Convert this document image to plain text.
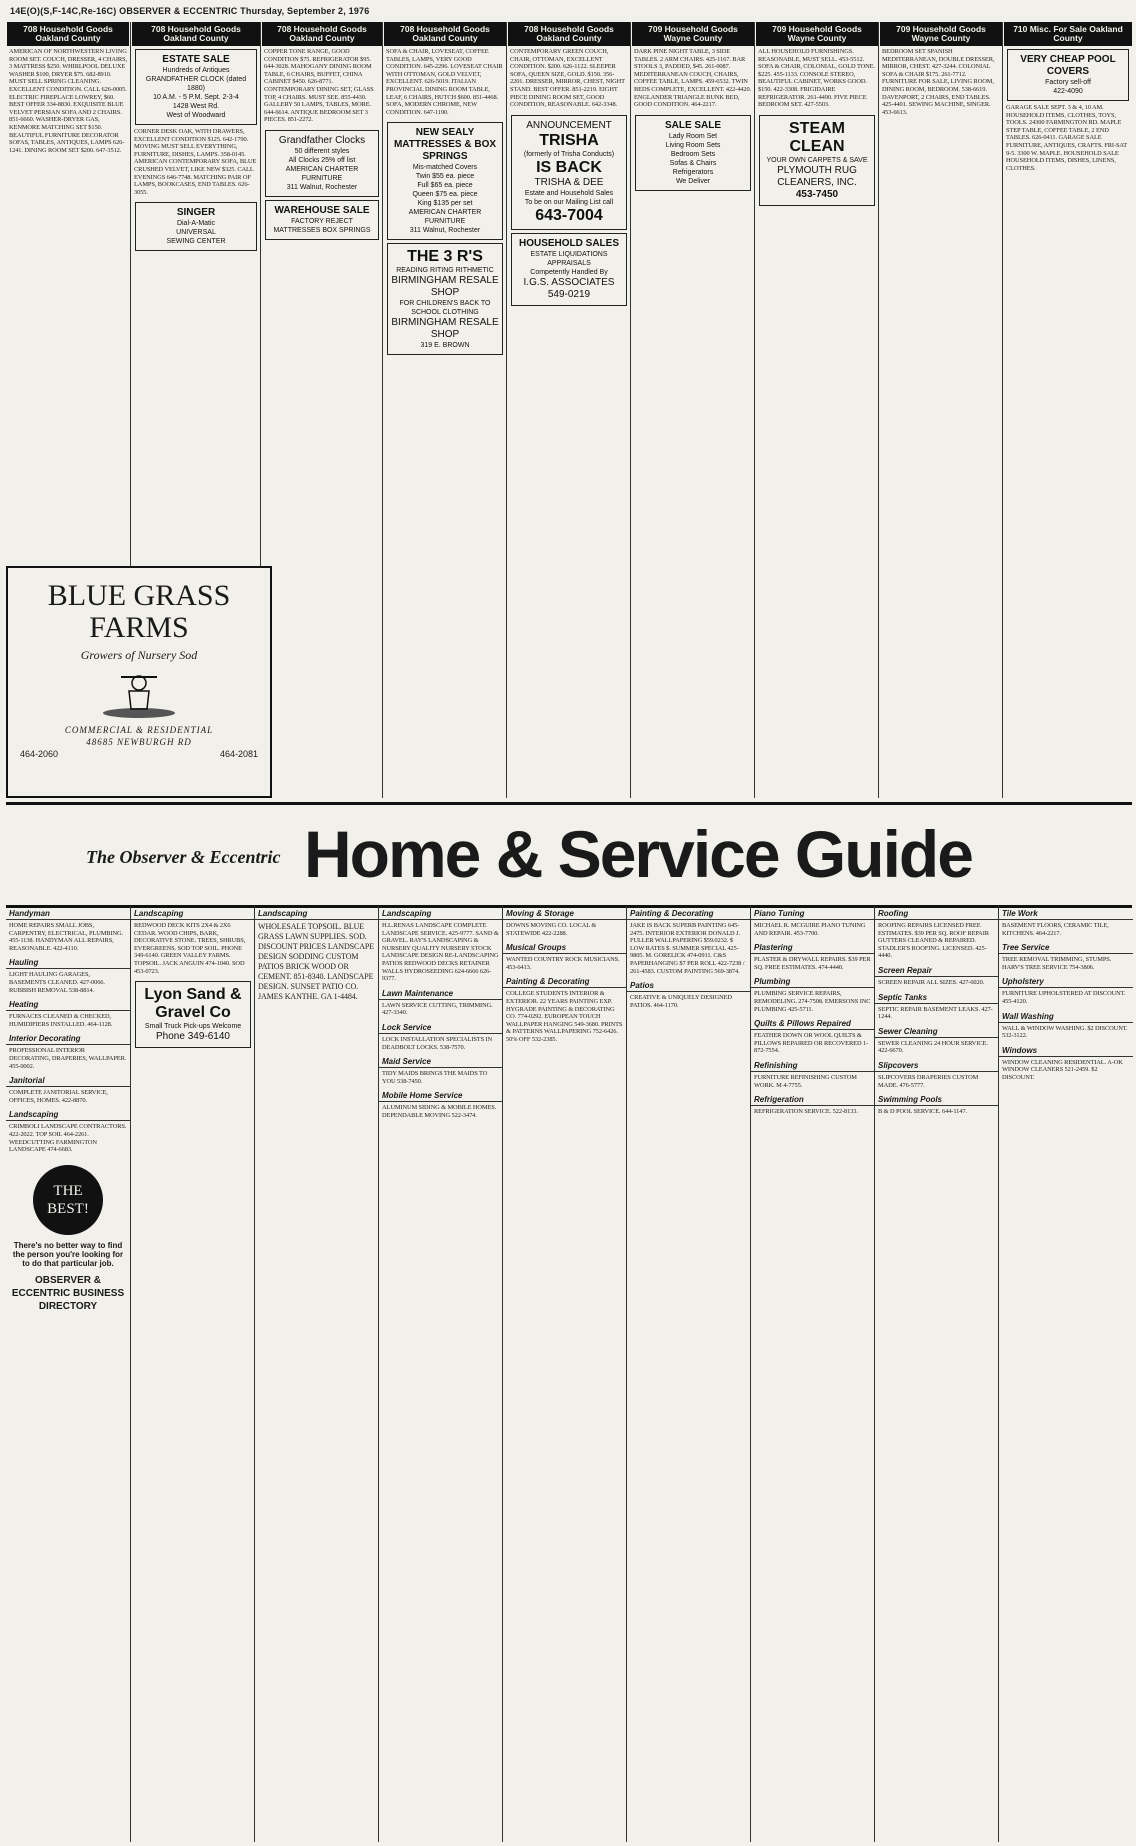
14E(O)(S,F-14C,Re-16C) OBSERVER & ECCENTRIC Thursday, September 2, 1976
708 Household Goods Oakland County
AMERICAN OF NORTHWESTERN LIVING ROOM SET. COUCH, DRESSER, 4 CHAIRS, 3 MATTRESS $250. WHIRLPOOL DELUXE WASHER $100, DRYER $75. 682-8910. MUST SELL SPRING CLEANING. EXCELLENT CONDITION. CALL 626-0005. ELECTRIC FIREPLACE LOWREY, $60. BEST OFFER 334-8830. EXQUISITE BLUE VELVET PERSIAN SOFA AND 2 CHAIRS. 851-6660. WASHER-DRYER GAS, KENMORE MATCHING SET $150. BEAUTIFUL FURNITURE DECORATOR SOFAS, TABLES, ANTIQUES, LAMPS 626-1241. DINING ROOM SET $200. 647-3512.
708 Household Goods Oakland County
ESTATE SALE
Hundreds of Antiques
GRANDFATHER CLOCK (dated 1880)
10 A.M. - 5 P.M. Sept. 2-3-4
1428 West Rd.
West of Woodward
CORNER DESK OAK, WITH DRAWERS, EXCELLENT CONDITION $125. 642-1790. MOVING MUST SELL EVERYTHING, FURNITURE, DISHES, LAMPS. 358-0145. AMERICAN CONTEMPORARY SOFA, BLUE CRUSHED VELVET, LIKE NEW $325. CALL EVENINGS 646-7748. MATCHING PAIR OF LAMPS, BOOKCASES, END TABLES. 626-3055.
SINGER
Dial-A-Matic
UNIVERSAL
SEWING CENTER
708 Household Goods Oakland County
COPPER TONE RANGE, GOOD CONDITION $75. REFRIGERATOR $95. 644-3028. MAHOGANY DINING ROOM TABLE, 6 CHAIRS, BUFFET, CHINA CABINET $450. 626-8771. CONTEMPORARY DINING SET, GLASS TOP, 4 CHAIRS. MUST SEE. 855-4430. GALLERY 50 LAMPS, TABLES, MORE. 644-6614. ANTIQUE BEDROOM SET 3 PIECES. 851-2272.
Grandfather Clocks
50 different styles
All Clocks 25% off list
AMERICAN CHARTER FURNITURE
311 Walnut, Rochester
WAREHOUSE SALE
FACTORY REJECT
MATTRESSES BOX SPRINGS
708 Household Goods Oakland County
SOFA & CHAIR, LOVESEAT, COFFEE TABLES, LAMPS, VERY GOOD CONDITION. 645-2296. LOVESEAT CHAIR WITH OTTOMAN, GOLD VELVET, EXCELLENT. 626-5019. ITALIAN PROVINCIAL DINING ROOM TABLE, LEAF, 6 CHAIRS, HUTCH $600. 851-4468. SOFA, MODERN CHROME, NEW CONDITION. 647-1190.
NEW SEALY MATTRESSES & BOX SPRINGS
Mis-matched Covers
Twin $55 ea. piece
Full $65 ea. piece
Queen $75 ea. piece
King $135 per set
AMERICAN CHARTER FURNITURE
311 Walnut, Rochester
THE 3 R'S
READING RITING RITHMETIC
BIRMINGHAM RESALE SHOP
FOR CHILDREN'S BACK TO SCHOOL CLOTHING
BIRMINGHAM RESALE SHOP
319 E. BROWN
708 Household Goods Oakland County
CONTEMPORARY GREEN COUCH, CHAIR, OTTOMAN, EXCELLENT CONDITION. $200. 626-1122. SLEEPER SOFA, QUEEN SIZE, GOLD. $150. 356-2201. DRESSER, MIRROR, CHEST, NIGHT STAND. BEST OFFER. 851-2219. EIGHT PIECE DINING ROOM SET, GOOD CONDITION, REASONABLE. 642-3348.
ANNOUNCEMENT
TRISHA
(formerly of Trisha Conducts)
IS BACK
TRISHA & DEE
Estate and Household Sales
To be on our Mailing List call
643-7004
HOUSEHOLD SALES
ESTATE LIQUIDATIONS
APPRAISALS
Competently Handled By
I.G.S. ASSOCIATES
549-0219
709 Household Goods Wayne County
DARK PINE NIGHT TABLE, 3 SIDE TABLES. 2 ARM CHAIRS. 425-1167. BAR STOOLS 3, PADDED, $45. 261-0087. MEDITERRANEAN COUCH, CHAIRS, COFFEE TABLE, LAMPS. 459-6532. TWIN BEDS COMPLETE, EXCELLENT. 422-4420. ENGLANDER TRIANGLE BUNK BED, GOOD CONDITION. 464-2217.
SALE SALE
Lady Room Set
Living Room Sets
Bedroom Sets
Sofas & Chairs
Refrigerators
We Deliver
709 Household Goods Wayne County
ALL HOUSEHOLD FURNISHINGS. REASONABLE, MUST SELL. 453-5512. SOFA & CHAIR, COLONIAL, GOLD TONE. $225. 455-1133. CONSOLE STEREO, BEAUTIFUL CABINET, WORKS GOOD. $150. 422-3308. FRIGIDAIRE REFRIGERATOR. 261-4490. FIVE PIECE BEDROOM SET. 427-5503.
STEAM CLEAN
YOUR OWN CARPETS & SAVE
PLYMOUTH RUG CLEANERS, INC.
453-7450
709 Household Goods Wayne County
BEDROOM SET SPANISH MEDITERRANEAN, DOUBLE DRESSER, MIRROR, CHEST. 427-3244. COLONIAL SOFA & CHAIR $175. 261-7712. FURNITURE FOR SALE, LIVING ROOM, DINING ROOM, BEDROOM. 538-6619. DAVENPORT, 2 CHAIRS, END TABLES. 425-4401. SEWING MACHINE, SINGER. 453-6613.
710 Misc. For Sale Oakland County
VERY CHEAP POOL COVERS
Factory sell-off
422-4090
GARAGE SALE SEPT. 3 & 4, 10 AM. HOUSEHOLD ITEMS, CLOTHES, TOYS, TOOLS. 24300 FARMINGTON RD. MAPLE STEP TABLE, COFFEE TABLE, 2 END TABLES. 626-0411. GARAGE SALE FURNITURE, ANTIQUES, CRAFTS. FRI-SAT 9-5. 3300 W. MAPLE. HOUSEHOLD SALE HOUSEHOLD ITEMS, DISHES, LINENS, CLOTHES.
BLUE GRASS FARMS
Growers of Nursery Sod
COMMERCIAL & RESIDENTIAL
48685 NEWBURGH RD
464-2060	464-2081
The Observer & Eccentric Home & Service Guide
Handyman
HOME REPAIRS SMALL JOBS, CARPENTRY, ELECTRICAL, PLUMBING. 455-1138. HANDYMAN ALL REPAIRS, REASONABLE. 422-4110.
Hauling
LIGHT HAULING GARAGES, BASEMENTS CLEANED. 427-0066. RUBBISH REMOVAL 538-8814.
Heating
FURNACES CLEANED & CHECKED, HUMIDIFIERS INSTALLED. 464-1128.
Interior Decorating
PROFESSIONAL INTERIOR DECORATING, DRAPERIES, WALLPAPER. 455-0002.
Janitorial
COMPLETE JANITORIAL SERVICE, OFFICES, HOMES. 422-8870.
Landscaping
CRIMBOLI LANDSCAPE CONTRACTORS. 422-2022. TOP SOIL 464-2261. WEEDCUTTING FARMINGTON LANDSCAPE 474-6683.
THE BEST!
There's no better way to find the person you're looking for to do that particular job.
OBSERVER & ECCENTRIC BUSINESS DIRECTORY
Landscaping
REDWOOD DECK KITS 2X4 & 2X6 CEDAR. WOOD CHIPS, BARK, DECORATIVE STONE. TREES, SHRUBS, EVERGREENS. SOD TOP SOIL. PHONE 349-6140. GREEN VALLEY FARMS. TOPSOIL. JACK ANGUIN 474-1040. SOD 453-0723.
Lyon Sand & Gravel Co
Small Truck Pick-ups Welcome
Phone 349-6140
Landscaping
WHOLESALE TOPSOIL. BLUE GRASS LAWN SUPPLIES. SOD. DISCOUNT PRICES LANDSCAPE DESIGN SODDING CUSTOM PATIOS BRICK WOOD OR CEMENT. 851-8340. LANDSCAPE DESIGN. SUNSET PATIO CO. JAMES KANTHE. GA 1-4484.
Landscaping
H.L.RENAS LANDSCAPE COMPLETE LANDSCAPE SERVICE. 425-9777. SAND & GRAVEL. RAY'S LANDSCAPING & NURSERY QUALITY NURSERY STOCK LANDSCAPE DESIGN RE-LANDSCAPING PATIOS REDWOOD DECKS RETAINER WALLS HYDROSEEDING 624-6666 626-9377.
Lawn Maintenance
LAWN SERVICE CUTTING, TRIMMING. 427-3340.
Lock Service
LOCK INSTALLATION SPECIALISTS IN DEADBOLT LOCKS. 538-7570.
Maid Service
TIDY MAIDS BRINGS THE MAIDS TO YOU 538-7450.
Mobile Home Service
ALUMINUM SIDING & MOBILE HOMES. DEPENDABLE MOVING 522-3474.
Moving & Storage
DOWNS MOVING CO. LOCAL & STATEWIDE 422-2288.
Musical Groups
WANTED COUNTRY ROCK MUSICIANS. 453-6413.
Painting & Decorating
COLLEGE STUDENTS INTERIOR & EXTERIOR. 22 YEARS PAINTING EXP. HYGRADE PAINTING & DECORATING CO. 774-0292. EUROPEAN TOUCH WALLPAPER HANGING 549-3680. PRINTS & PATTERNS WALLPAPERING 752-6426. 50% OFF 532-2385.
Painting & Decorating
JAKE IS BACK SUPERB PAINTING 645-2475. INTERIOR EXTERIOR DONALD J. FULLER WALLPAPERING $59.0232. $ LOW RATES $. SUMMER SPECIAL 425-9805. M. GORELICK 474-0911. C&S PAPERHANGING $7 PER ROLL 422-7238 / 261-4583. CUSTOM PAINTING 569-3874.
Patios
CREATIVE & UNIQUELY DESIGNED PATIOS. 464-1170.
Piano Tuning
MICHAEL R. MCGUIRE PIANO TUNING AND REPAIR. 453-7700.
Plastering
PLASTER & DRYWALL REPAIRS. $39 PER SQ. FREE ESTIMATES. 474-4440.
Plumbing
PLUMBING SERVICE REPAIRS, REMODELING. 274-7508. EMERSONS INC PLUMBING 425-5711.
Quilts & Pillows Repaired
FEATHER DOWN OR WOOL QUILTS & PILLOWS REPAIRED OR RECOVERED 1-872-7554.
Refinishing
FURNITURE REFINISHING CUSTOM WORK. M 4-7755.
Refrigeration
REFRIGERATION SERVICE. 522-8133.
Roofing
ROOFING REPAIRS LICENSED FREE ESTIMATES. $39 PER SQ. ROOF REPAIR GUTTERS CLEANED & REPAIRED. STADLER'S ROOFING. LICENSED. 425-4440.
Screen Repair
SCREEN REPAIR ALL SIZES. 427-6020.
Septic Tanks
SEPTIC REPAIR BASEMENT LEAKS. 427-1244.
Sewer Cleaning
SEWER CLEANING 24 HOUR SERVICE. 422-6670.
Slipcovers
SLIPCOVERS DRAPERIES CUSTOM MADE. 476-5777.
Swimming Pools
B & D POOL SERVICE. 644-1147.
Tile Work
BASEMENT FLOORS, CERAMIC TILE, KITCHENS. 464-2217.
Tree Service
TREE REMOVAL TRIMMING, STUMPS. HARV'S TREE SERVICE 754-3806.
Upholstery
FURNITURE UPHOLSTERED AT DISCOUNT. 455-4120.
Wall Washing
WALL & WINDOW WASHING. $2 DISCOUNT. 532-3122.
Windows
WINDOW CLEANING RESIDENTIAL. A-OK WINDOW CLEANERS 521-2459. $2 DISCOUNT.
